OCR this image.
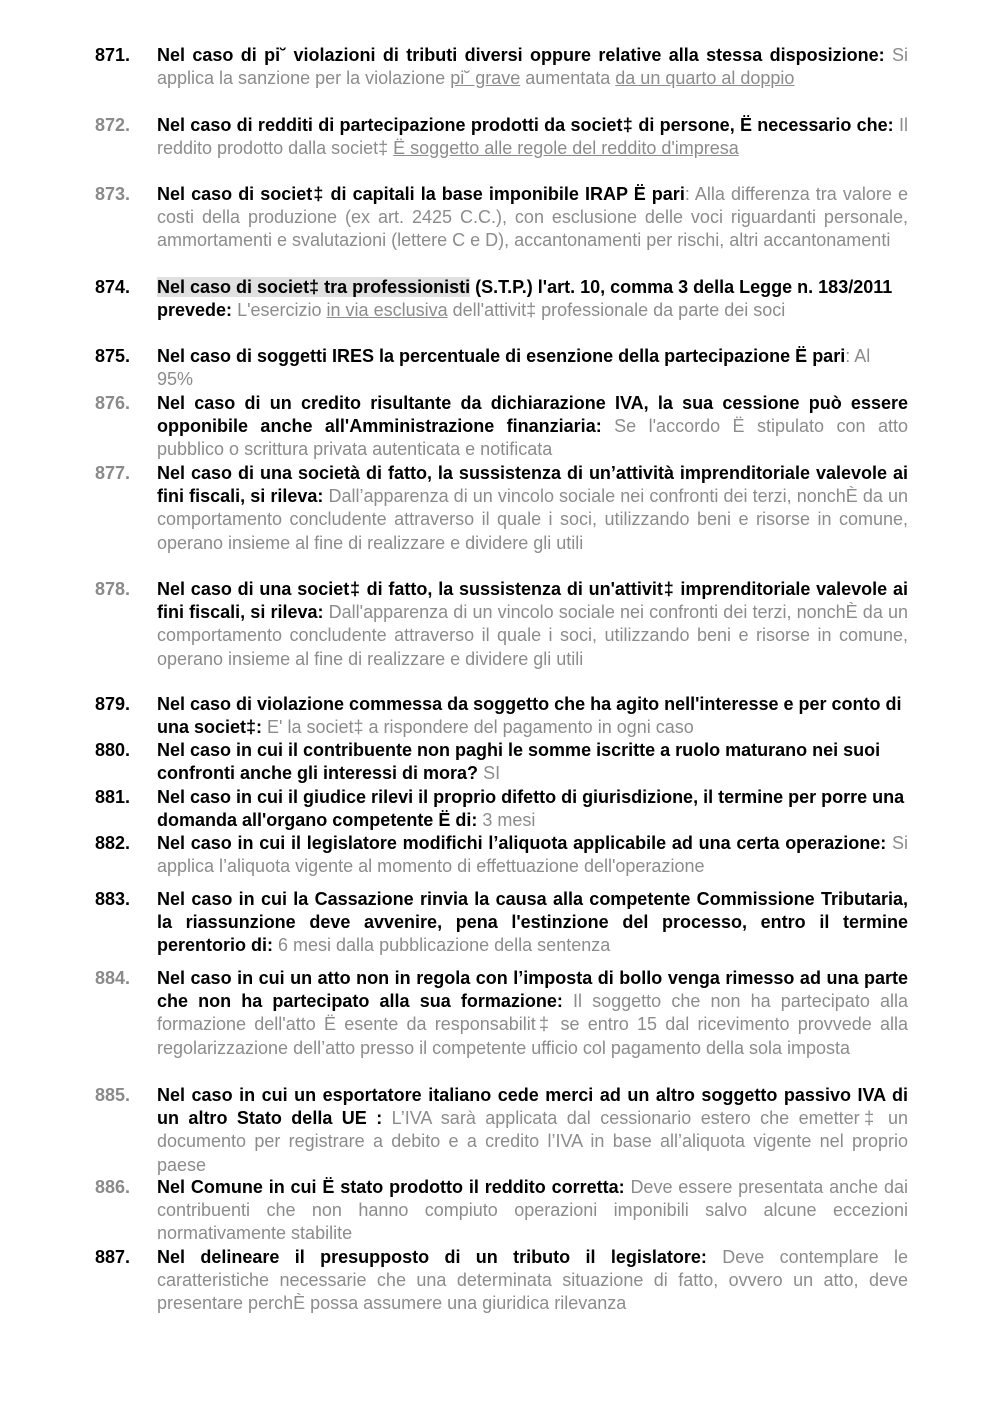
871. Nel caso di pi˘ violazioni di tributi diversi oppure relative alla stessa disposizione: Si applica la sanzione per la violazione pi˘ grave aumentata da un quarto al doppio
872. Nel caso di redditi di partecipazione prodotti da societ‡ di persone, Ë necessario che: Il reddito prodotto dalla societ‡ Ë soggetto alle regole del reddito d'impresa
873. Nel caso di societ‡ di capitali la base imponibile IRAP Ë pari: Alla differenza tra valore e costi della produzione (ex art. 2425 C.C.), con esclusione delle voci riguardanti personale, ammortamenti e svalutazioni (lettere C e D), accantonamenti per rischi, altri accantonamenti
874. Nel caso di societ‡ tra professionisti (S.T.P.) l'art. 10, comma 3 della Legge n. 183/2011 prevede: L'esercizio in via esclusiva dell'attivit‡ professionale da parte dei soci
875. Nel caso di soggetti IRES la percentuale di esenzione della partecipazione Ë pari: Al 95%
876. Nel caso di un credito risultante da dichiarazione IVA, la sua cessione può essere opponibile anche all'Amministrazione finanziaria: Se l'accordo Ë stipulato con atto pubblico o scrittura privata autenticata e notificata
877. Nel caso di una società di fatto, la sussistenza di un’attività imprenditoriale valevole ai fini fiscali, si rileva: Dall’apparenza di un vincolo sociale nei confronti dei terzi, nonchÈ da un comportamento concludente attraverso il quale i soci, utilizzando beni e risorse in comune, operano insieme al fine di realizzare e dividere gli utili
878. Nel caso di una societ‡ di fatto, la sussistenza di un'attivit‡ imprenditoriale valevole ai fini fiscali, si rileva: Dall'apparenza di un vincolo sociale nei confronti dei terzi, nonchÈ da un comportamento concludente attraverso il quale i soci, utilizzando beni e risorse in comune, operano insieme al fine di realizzare e dividere gli utili
879. Nel caso di violazione commessa da soggetto che ha agito nell'interesse e per conto di una societ‡: E' la societ‡ a rispondere del pagamento in ogni caso
880. Nel caso in cui il contribuente non paghi le somme iscritte a ruolo maturano nei suoi confronti anche gli interessi di mora? SI
881. Nel caso in cui il giudice rilevi il proprio difetto di giurisdizione, il termine per porre una domanda all'organo competente Ë di: 3 mesi
882. Nel caso in cui il legislatore modifichi l’aliquota applicabile ad una certa operazione: Si applica l’aliquota vigente al momento di effettuazione dell'operazione
883. Nel caso in cui la Cassazione rinvia la causa alla competente Commissione Tributaria, la riassunzione deve avvenire, pena l'estinzione del processo, entro il termine perentorio di: 6 mesi dalla pubblicazione della sentenza
884. Nel caso in cui un atto non in regola con l’imposta di bollo venga rimesso ad una parte che non ha partecipato alla sua formazione: Il soggetto che non ha partecipato alla formazione dell'atto Ë esente da responsabilit‡ se entro 15 dal ricevimento provvede alla regolarizzazione dell’atto presso il competente ufficio col pagamento della sola imposta
885. Nel caso in cui un esportatore italiano cede merci ad un altro soggetto passivo IVA di un altro Stato della UE : L’IVA sarà applicata dal cessionario estero che emetter‡ un documento per registrare a debito e a credito l’IVA in base all’aliquota vigente nel proprio paese
886. Nel Comune in cui Ë stato prodotto il reddito corretta: Deve essere presentata anche dai contribuenti che non hanno compiuto operazioni imponibili salvo alcune eccezioni normativamente stabilite
887. Nel delineare il presupposto di un tributo il legislatore: Deve contemplare le caratteristiche necessarie che una determinata situazione di fatto, ovvero un atto, deve presentare perchÈ possa assumere una giuridica rilevanza
